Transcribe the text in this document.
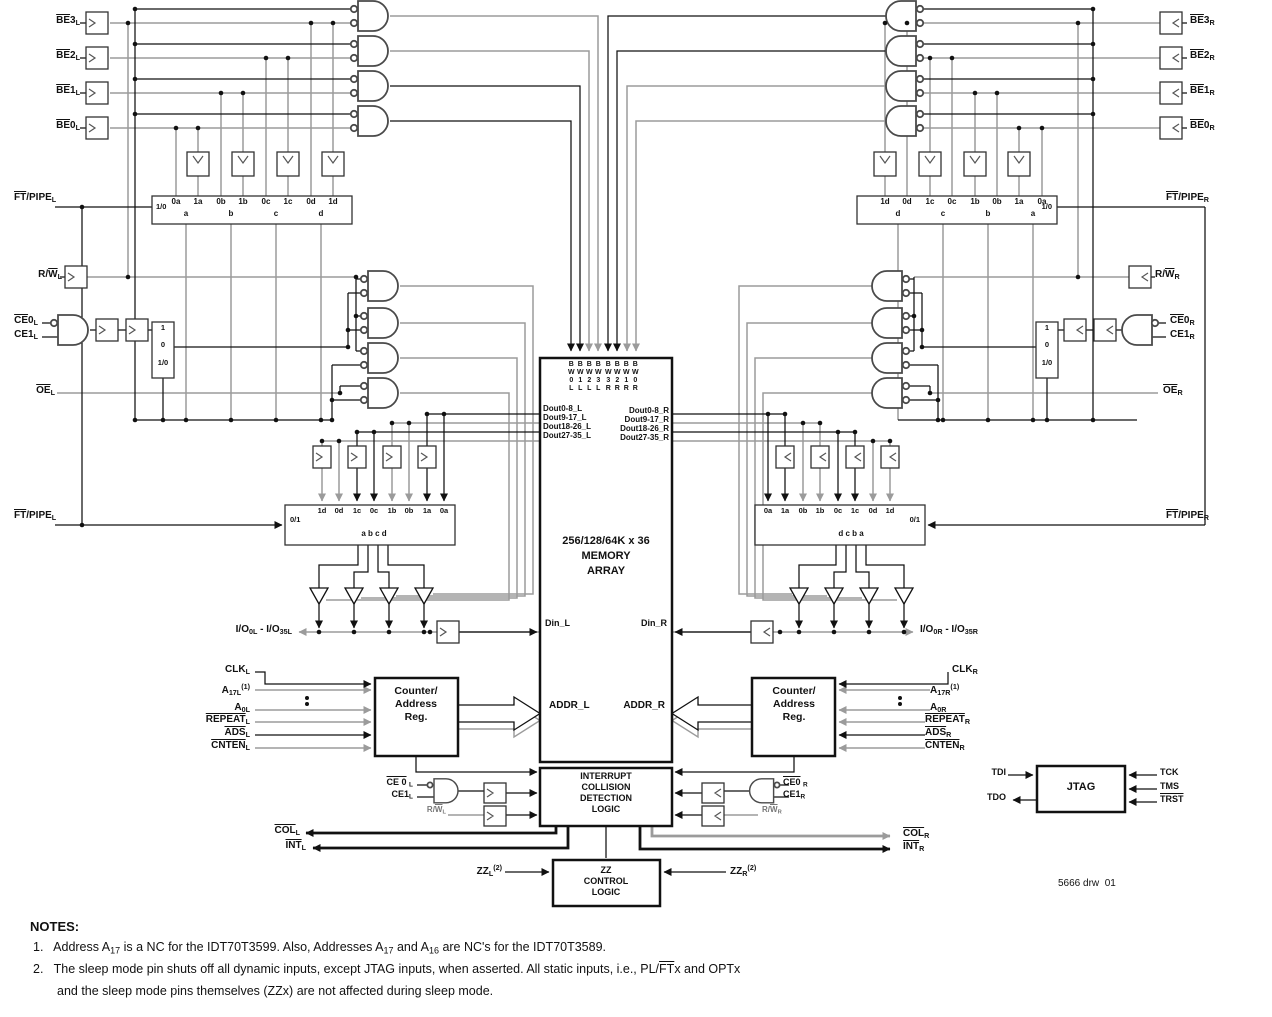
$\overline{BE}3L$
$\overline{BE}2L$
$\overline{BE}1L$
$\overline{BE}0L$
$\overline{FT}$/PIPEL
$R/\overline{W}L$
$\overline{CE}0L$
CE1L
$\overline{OE}L$
$\overline{FT}$/PIPEL
I/O0L - I/O35L
CLKL
$A17L^{(1)}$
A0L
REPEATL
$\overline{ADS}L$
CNTENL
CE 0 L
CE1L
$R/\overline{W}L$
$\overline{COL}L$
$\overline{INT}L$
ZZL$^{(2)}$
$\overline{BE}3R$
$\overline{BE}2R$
$\overline{BE}1R$
$\overline{BE}0R$
$\overline{FT}$/PIPER
$R/\overline{W}R$
$\overline{CE}0R$
CE1R
$\overline{OE}R$
$\overline{FT}$/PIPER
I/O0R - I/O35R
CLKR
$A17R^{(1)}$
A0R
REPEATR
$\overline{ADS}R$
CNTENR
CE0 R
CE1R
$R/\overline{W}R$
$\overline{COL}R$
$\overline{INT}R$
ZZR$^{(2)}$
TDI
TDO
TCK
TMS
TRST
5666 drw  01
256/128/64K x 36
MEMORY
ARRAY
Din_L	Din_R
ADDR_L	ADDR_R
Dout0-8_L
Dout9-17_L
Dout18-26_L
Dout27-35_L
Dout0-8_R
Dout9-17_R
Dout18-26_R
Dout27-35_R
BW0L BW1L BW2L BW3L BW3R BW2R BW1R BW0R
Counter/
Address
Reg.
Counter/
Address
Reg.
INTERRUPT
COLLISION
DETECTION
LOGIC
ZZ
CONTROL
LOGIC
JTAG
1/0
0a 1a 0b 1b 0c 1c 0d 1d
a	b	c	d
1/0
1d 0d 1c 0c 1b 0b 1a 0a
d	c	b	a
0/1
1d 0d 1c 0c 1b 0b 1a 0a
a b c d
0/1
0a 1a 0b 1b 0c 1c 0d 1d
d c b a
1
0
1/0
1
0
1/0
NOTES:
1.   Address A17 is a NC for the IDT70T3599. Also, Addresses A17 and A16 are NC's for the IDT70T3589.
2.   The sleep mode pin shuts off all dynamic inputs, except JTAG inputs, when asserted. All static inputs, i.e., $PL/\overline{FT}x$ and OPTx
and the sleep mode pins themselves (ZZx) are not affected during sleep mode.
